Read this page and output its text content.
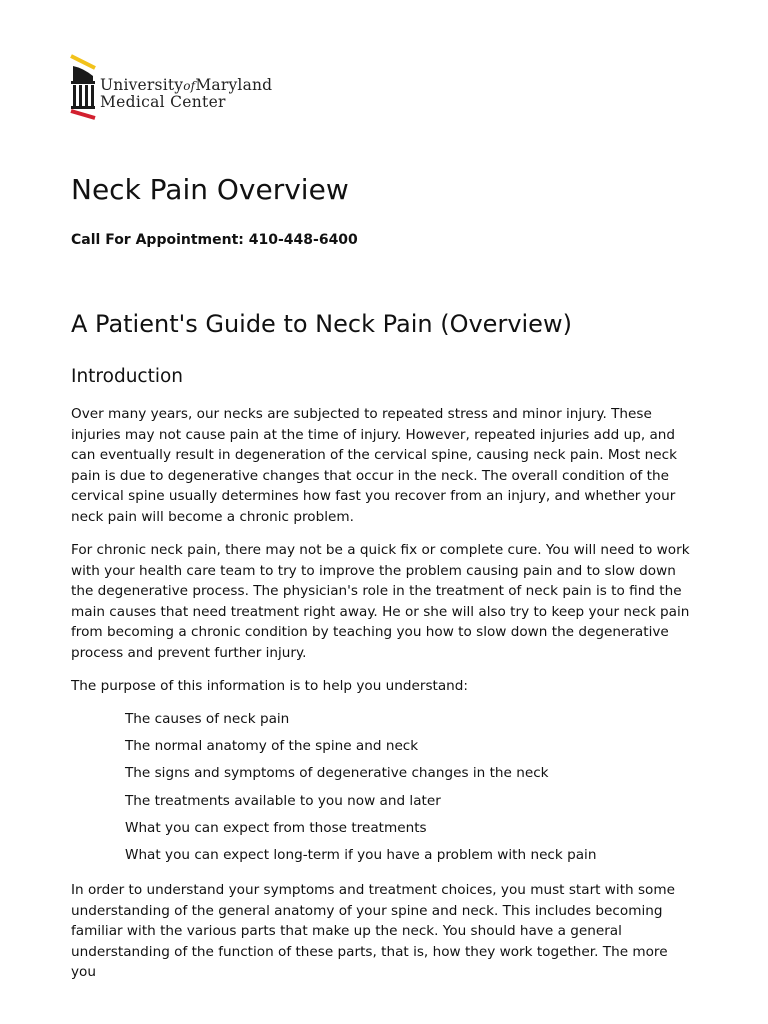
UniversityofMaryland
Medical Center
Neck Pain Overview

Call For Appointment: 410-448-6400

A Patient's Guide to Neck Pain (Overview)
Introduction

Over many years, our necks are subjected to repeated stress and minor injury. These injuries may not cause pain at the time of injury. However, repeated injuries add up, and can eventually result in degeneration of the cervical spine, causing neck pain. Most neck pain is due to degenerative changes that occur in the neck. The overall condition of the cervical spine usually determines how fast you recover from an injury, and whether your neck pain will become a chronic problem.

For chronic neck pain, there may not be a quick fix or complete cure. You will need to work with your health care team to try to improve the problem causing pain and to slow down the degenerative process. The physician's role in the treatment of neck pain is to find the main causes that need treatment right away. He or she will also try to keep your neck pain from becoming a chronic condition by teaching you how to slow down the degenerative process and prevent further injury.

The purpose of this information is to help you understand:

The causes of neck pain
The normal anatomy of the spine and neck
The signs and symptoms of degenerative changes in the neck
The treatments available to you now and later
What you can expect from those treatments
What you can expect long-term if you have a problem with neck pain

In order to understand your symptoms and treatment choices, you must start with some understanding of the general anatomy of your spine and neck. This includes becoming familiar with the various parts that make up the neck. You should have a general understanding of the function of these parts, that is, how they work together. The more you
